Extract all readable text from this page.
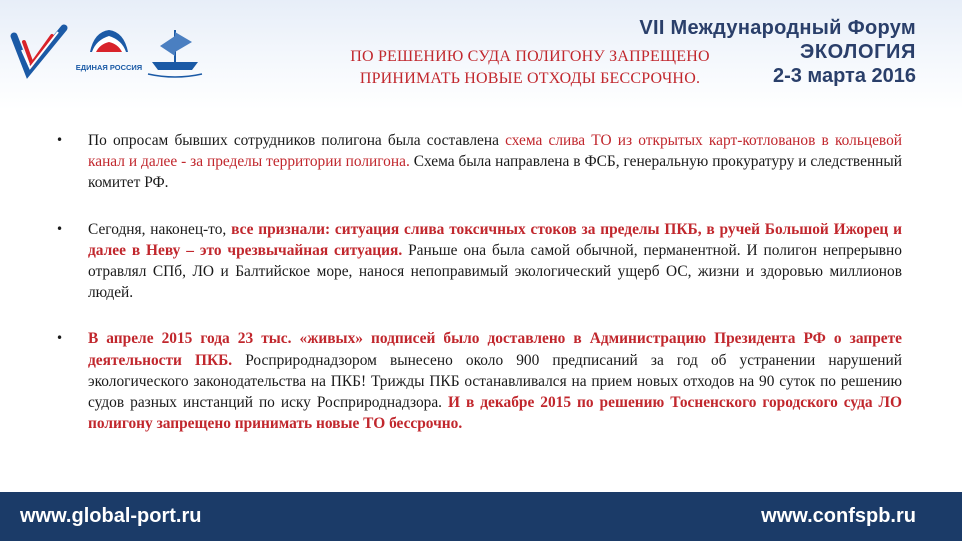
ЕДИНАЯ РОССИЯ
ПО РЕШЕНИЮ СУДА ПОЛИГОНУ ЗАПРЕЩЕНО
ПРИНИМАТЬ НОВЫЕ ОТХОДЫ БЕССРОЧНО.
VII Международный Форум
ЭКОЛОГИЯ
2-3 марта 2016
• По опросам бывших сотрудников полигона была составлена схема слива ТО из открытых карт-котлованов в кольцевой канал и далее - за пределы территории полигона. Схема была направлена в ФСБ, генеральную прокуратуру и следственный комитет РФ.
• Сегодня, наконец-то, все признали: ситуация слива токсичных стоков за пределы ПКБ, в ручей Большой Ижорец и далее в Неву – это чрезвычайная ситуация. Раньше она была самой обычной, перманентной. И полигон непрерывно отравлял СПб, ЛО и Балтийское море, нанося непоправимый экологический ущерб ОС, жизни и здоровью миллионов людей.
• В апреле 2015 года 23 тыс. «живых» подписей было доставлено в Администрацию Президента РФ о запрете деятельности ПКБ. Росприроднадзором вынесено около 900 предписаний за год об устранении нарушений экологического законодательства на ПКБ! Трижды ПКБ останавливался на прием новых отходов на 90 суток по решению судов разных инстанций по иску Росприроднадзора. И в декабре 2015 по решению Тосненского городского суда ЛО полигону запрещено принимать новые ТО бессрочно.
www.global-port.ru	www.confspb.ru
